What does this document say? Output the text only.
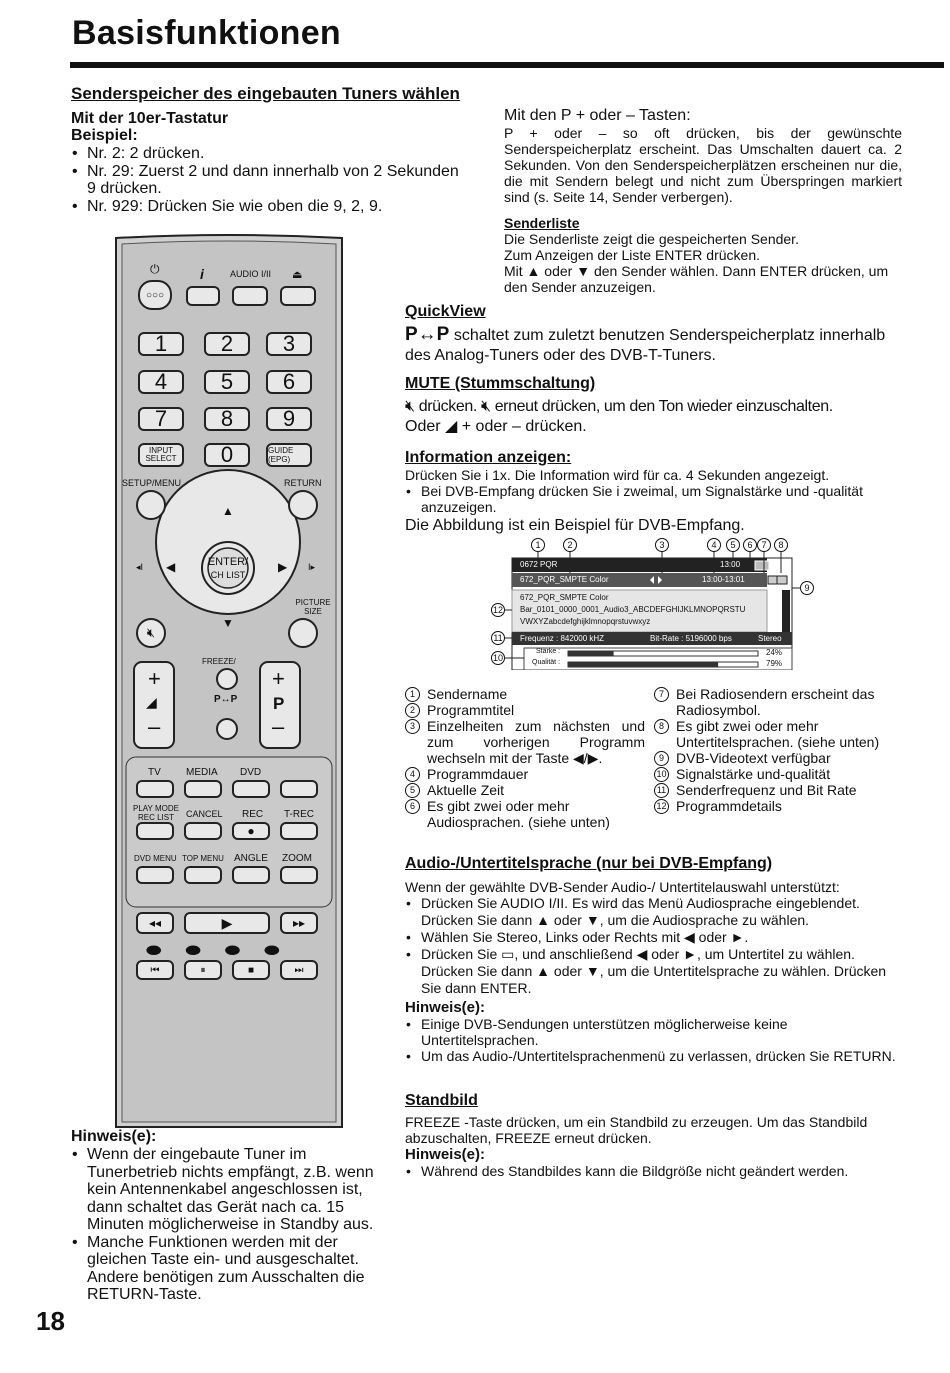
Basisfunktionen
Senderspeicher des eingebauten Tuners wählen
Mit der 10er-Tastatur
Beispiel:
• Nr. 2: 2 drücken.
• Nr. 29: Zuerst 2 und dann innerhalb von 2 Sekunden 9 drücken.
• Nr. 929: Drücken Sie wie oben die 9, 2, 9.
Mit den P + oder – Tasten:
P + oder – so oft drücken, bis der gewünschte Senderspeicherplatz erscheint. Das Umschalten dauert ca. 2 Sekunden. Von den Senderspeicherplätzen erscheinen nur die, die mit Sendern belegt und nicht zum Überspringen markiert sind (s. Seite 14, Sender verbergen).
Senderliste
Die Senderliste zeigt die gespeicherten Sender.
Zum Anzeigen der Liste ENTER drücken.
Mit ▲ oder ▼ den Sender wählen. Dann ENTER drücken, um den Sender anzuzeigen.
QuickView
P↔P schaltet zum zuletzt benutzen Senderspeicherplatz innerhalb des Analog-Tuners oder des DVB-T-Tuners.
MUTE (Stummschaltung)
🔇︎ drücken. 🔇︎ erneut drücken, um den Ton wieder einzuschalten.
Oder ◢ + oder – drücken.
Information anzeigen:
Drücken Sie i 1x. Die Information wird für ca. 4 Sekunden angezeigt.
• Bei DVB-Empfang drücken Sie i zweimal, um Signalstärke und -qualität anzuzeigen.
Die Abbildung ist ein Beispiel für DVB-Empfang.
0672 PQR	13:00
672_PQR_SMPTE Color	13:00-13:01
672_PQR_SMPTE Color
Bar_0101_0000_0001_Audio3_ABCDEFGHIJKLMNOPQRSTU
VWXYZabcdefghijklmnopqrstuvwxyz
Frequenz : 842000 kHZ	Bit-Rate : 5196000 bps	Stereo
Stärke :	24%
Qualität :	79%
1	2	3	4	5	6 7	8
9
10
11
12
1 Sendername
2 Programmtitel
3 Einzelheiten zum nächsten und zum vorherigen Programm wechseln mit der Taste ◀/▶.
4 Programmdauer
5 Aktuelle Zeit
6 Es gibt zwei oder mehr Audiosprachen. (siehe unten)
7 Bei Radiosendern erscheint das Radiosymbol.
8 Es gibt zwei oder mehr Untertitelsprachen. (siehe unten)
9 DVB-Videotext verfügbar
10 Signalstärke und-qualität
11 Senderfrequenz und Bit Rate
12 Programmdetails
Audio-/Untertitelsprache (nur bei DVB-Empfang)
Wenn der gewählte DVB-Sender Audio-/ Untertitelauswahl unterstützt:
• Drücken Sie AUDIO I/II. Es wird das Menü Audiosprache eingeblendet. Drücken Sie dann ▲ oder ▼, um die Audiosprache zu wählen.
• Wählen Sie Stereo, Links oder Rechts mit ◀ oder ►.
• Drücken Sie ▭, und anschließend ◀ oder ►, um Untertitel zu wählen. Drücken Sie dann ▲ oder ▼, um die Untertitelsprache zu wählen. Drücken Sie dann ENTER.
Hinweis(e):
• Einige DVB-Sendungen unterstützen möglicherweise keine Untertitelsprachen.
• Um das Audio-/Untertitelsprachenmenü zu verlassen, drücken Sie RETURN.
Standbild
FREEZE -Taste drücken, um ein Standbild zu erzeugen. Um das Standbild abzuschalten, FREEZE erneut drücken.
Hinweis(e):
• Während des Standbildes kann die Bildgröße nicht geändert werden.
Hinweis(e):
• Wenn der eingebaute Tuner im Tunerbetrieb nichts empfängt, z.B. wenn kein Antennenkabel angeschlossen ist, dann schaltet das Gerät nach ca. 15 Minuten möglicherweise in Standby aus.
• Manche Funktionen werden mit der gleichen Taste ein- und ausgeschaltet. Andere benötigen zum Ausschalten die RETURN-Taste.
18
⏻
○○○
i	AUDIO I/II ⏏
1	2	3
4	5	6
7	8	9
INPUT SELECT	0	GUIDE (EPG)
SETUP/MENU	RETURN
▲
▼
◀	▶
◂I	I▸
ENTER/
CH LIST
PICTURE SIZE
🔇︎
FREEZE/
+
◢
–
P↔P
+
P
–
TV	MEDIA DVD
PLAY MODE REC LIST	CANCEL REC T-REC
●
DVD MENU TOP MENU ANGLE ZOOM
◂◂	▶	▸▸
⬬⬬⬬⬬
⏮	⏸	■	⏭
